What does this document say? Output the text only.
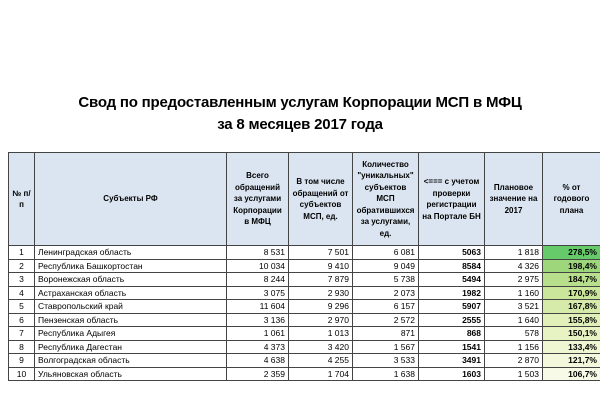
Свод по предоставленным услугам Корпорации МСП в МФЦ
за 8 месяцев 2017 года
№ п/п	Субъекты РФ	Всего обращений за услугами Корпорации в МФЦ	В том числе обращений от субъектов МСП, ед.	Количество "уникальных" субъектов МСП обратившихся за услугами, ед.	<=== с учетом проверки регистрации на Портале БН	Плановое значение на 2017	% от годового плана
1	Ленинградская область	8 531	7 501	6 081	5063	1 818	278,5%
2	Республика Башкортостан	10 034	9 410	9 049	8584	4 326	198,4%
3	Воронежская область	8 244	7 879	5 738	5494	2 975	184,7%
4	Астраханская область	3 075	2 930	2 073	1982	1 160	170,9%
5	Ставропольский край	11 604	9 296	6 157	5907	3 521	167,8%
6	Пензенская область	3 136	2 970	2 572	2555	1 640	155,8%
7	Республика Адыгея	1 061	1 013	871	868	578	150,1%
8	Республика Дагестан	4 373	3 420	1 567	1541	1 156	133,4%
9	Волгоградская область	4 638	4 255	3 533	3491	2 870	121,7%
10	Ульяновская область	2 359	1 704	1 638	1603	1 503	106,7%
